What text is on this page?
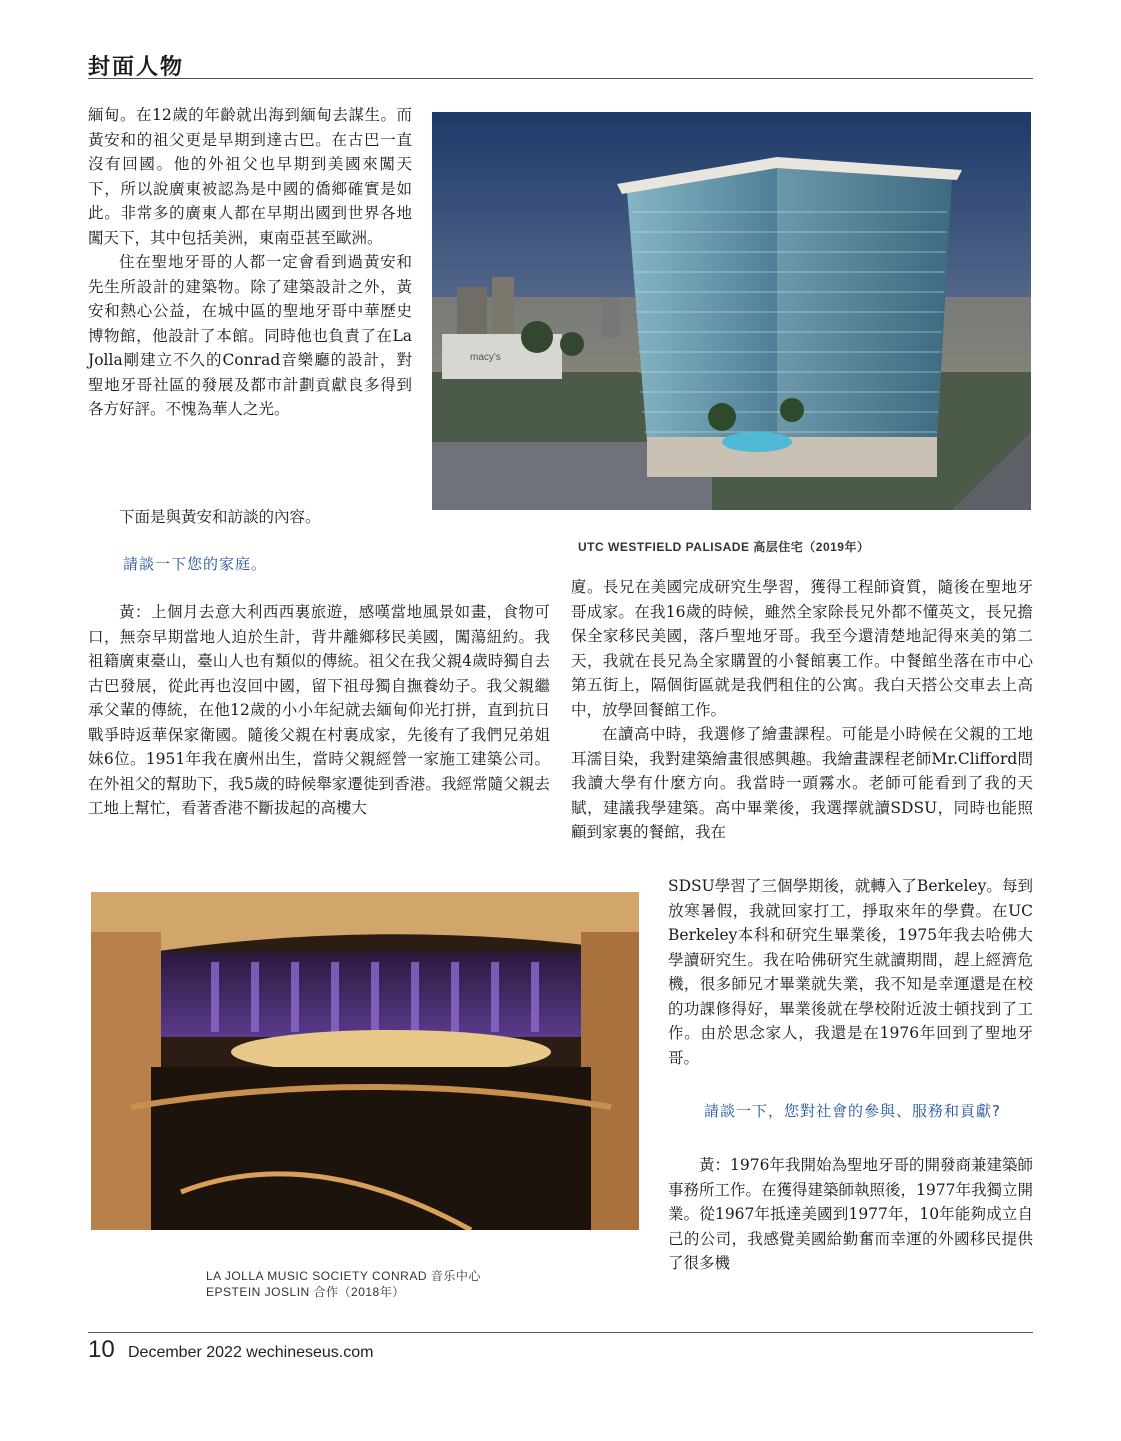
封面人物

緬甸。在12歲的年齡就出海到緬甸去謀生。而黃安和的祖父更是早期到達古巴。在古巴一直沒有回國。他的外祖父也早期到美國來闖天下，所以說廣東被認為是中國的僑鄉確實是如此。非常多的廣東人都在早期出國到世界各地闖天下，其中包括美洲，東南亞甚至歐洲。

住在聖地牙哥的人都一定會看到過黃安和先生所設計的建築物。除了建築設計之外，黃安和熱心公益，在城中區的聖地牙哥中華歷史博物館，他設計了本館。同時他也負責了在La　Jolla剛建立不久的Conrad音樂廳的設計，對聖地牙哥社區的發展及都市計劃貢獻良多得到各方好評。不愧為華人之光。

macy's
UTC WESTFIELD PALISADE 高层住宅（2019年）
下面是與黃安和訪談的內容。
請談一下您的家庭。
黃：上個月去意大利西西裏旅遊，感嘆當地風景如畫，食物可口，無奈早期當地人迫於生計，背井離鄉移民美國，闖蕩紐約。我祖籍廣東臺山，臺山人也有類似的傳統。祖父在我父親4歲時獨自去古巴發展，從此再也沒回中國，留下祖母獨自撫養幼子。我父親繼承父輩的傳統，在他12歲的小小年紀就去緬甸仰光打拼，直到抗日戰爭時返華保家衛國。隨後父親在村裏成家，先後有了我們兄弟姐妹6位。1951年我在廣州出生，當時父親經營一家施工建築公司。在外祖父的幫助下，我5歲的時候舉家遷徙到香港。我經常隨父親去工地上幫忙，看著香港不斷拔起的高樓大

廈。長兄在美國完成研究生學習，獲得工程師資質，隨後在聖地牙哥成家。在我16歲的時候，雖然全家除長兄外都不懂英文，長兄擔保全家移民美國，落戶聖地牙哥。我至今還清楚地記得來美的第二天，我就在長兄為全家購置的小餐館裏工作。中餐館坐落在市中心第五街上，隔個街區就是我們租住的公寓。我白天搭公交車去上高中，放學回餐館工作。

在讀高中時，我選修了繪畫課程。可能是小時候在父親的工地耳濡目染，我對建築繪畫很感興趣。我繪畫課程老師Mr.Clifford問我讀大學有什麼方向。我當時一頭霧水。老師可能看到了我的天賦，建議我學建築。高中畢業後，我選擇就讀SDSU，同時也能照顧到家裏的餐館，我在

LA JOLLA MUSIC SOCIETY CONRAD 音乐中心
EPSTEIN JOSLIN 合作（2018年）

SDSU學習了三個學期後，就轉入了Berkeley。每到放寒暑假，我就回家打工，掙取來年的學費。在UC Berkeley本科和研究生畢業後，1975年我去哈佛大學讀研究生。我在哈佛研究生就讀期間，趕上經濟危機，很多師兄才畢業就失業，我不知是幸運還是在校的功課修得好，畢業後就在學校附近波士頓找到了工作。由於思念家人，我還是在1976年回到了聖地牙哥。

請談一下，您對社會的參與、服務和貢獻?

黃：1976年我開始為聖地牙哥的開發商兼建築師事務所工作。在獲得建築師執照後，1977年我獨立開業。從1967年抵達美國到1977年，10年能夠成立自己的公司，我感覺美國給勤奮而幸運的外國移民提供了很多機

10 December 2022 wechineseus.com
